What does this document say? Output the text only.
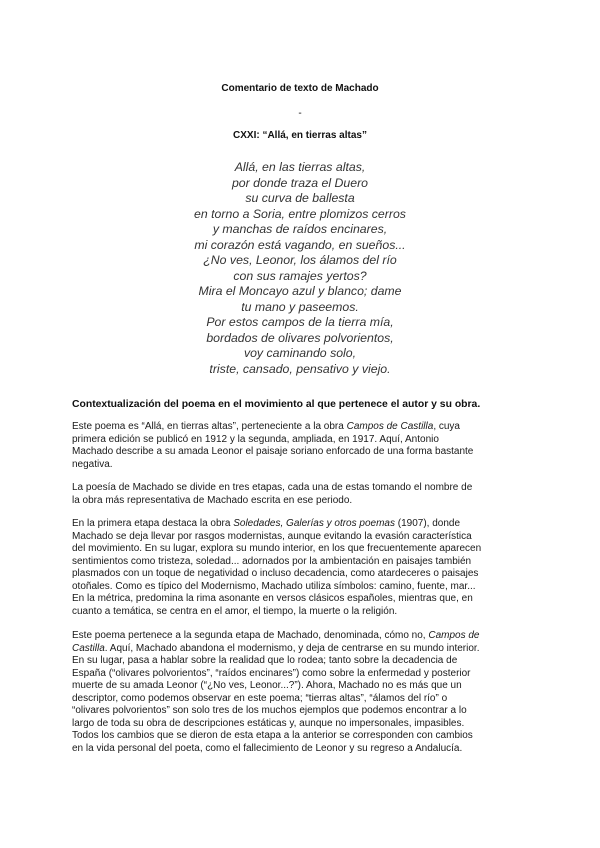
Comentario de texto de Machado
-
CXXI: “Allá, en tierras altas”
Allá, en las tierras altas,
por donde traza el Duero
su curva de ballesta
en torno a Soria, entre plomizos cerros
y manchas de raídos encinares,
mi corazón está vagando, en sueños...
¿No ves, Leonor, los álamos del río
con sus ramajes yertos?
Mira el Moncayo azul y blanco; dame
tu mano y paseemos.
Por estos campos de la tierra mía,
bordados de olivares polvorientos,
voy caminando solo,
triste, cansado, pensativo y viejo.
Contextualización del poema en el movimiento al que pertenece el autor y su obra.
Este poema es “Allá, en tierras altas”, perteneciente a la obra Campos de Castilla, cuya
primera edición se publicó en 1912 y la segunda, ampliada, en 1917. Aquí, Antonio
Machado describe a su amada Leonor el paisaje soriano enforcado de una forma bastante
negativa.
La poesía de Machado se divide en tres etapas, cada una de estas tomando el nombre de
la obra más representativa de Machado escrita en ese periodo.
En la primera etapa destaca la obra Soledades, Galerías y otros poemas (1907), donde
Machado se deja llevar por rasgos modernistas, aunque evitando la evasión característica
del movimiento. En su lugar, explora su mundo interior, en los que frecuentemente aparecen
sentimientos como tristeza, soledad... adornados por la ambientación en paisajes también
plasmados con un toque de negatividad o incluso decadencia, como atardeceres o paisajes
otoñales. Como es típico del Modernismo, Machado utiliza símbolos: camino, fuente, mar...
En la métrica, predomina la rima asonante en versos clásicos españoles, mientras que, en
cuanto a temática, se centra en el amor, el tiempo, la muerte o la religión.
Este poema pertenece a la segunda etapa de Machado, denominada, cómo no, Campos de
Castilla. Aquí, Machado abandona el modernismo, y deja de centrarse en su mundo interior.
En su lugar, pasa a hablar sobre la realidad que lo rodea; tanto sobre la decadencia de
España (“olivares polvorientos”, “raídos encinares”) como sobre la enfermedad y posterior
muerte de su amada Leonor (“¿No ves, Leonor...?”). Ahora, Machado no es más que un
descriptor, como podemos observar en este poema; “tierras altas”, “álamos del río” o
“olivares polvorientos” son solo tres de los muchos ejemplos que podemos encontrar a lo
largo de toda su obra de descripciones estáticas y, aunque no impersonales, impasibles.
Todos los cambios que se dieron de esta etapa a la anterior se corresponden con cambios
en la vida personal del poeta, como el fallecimiento de Leonor y su regreso a Andalucía.
